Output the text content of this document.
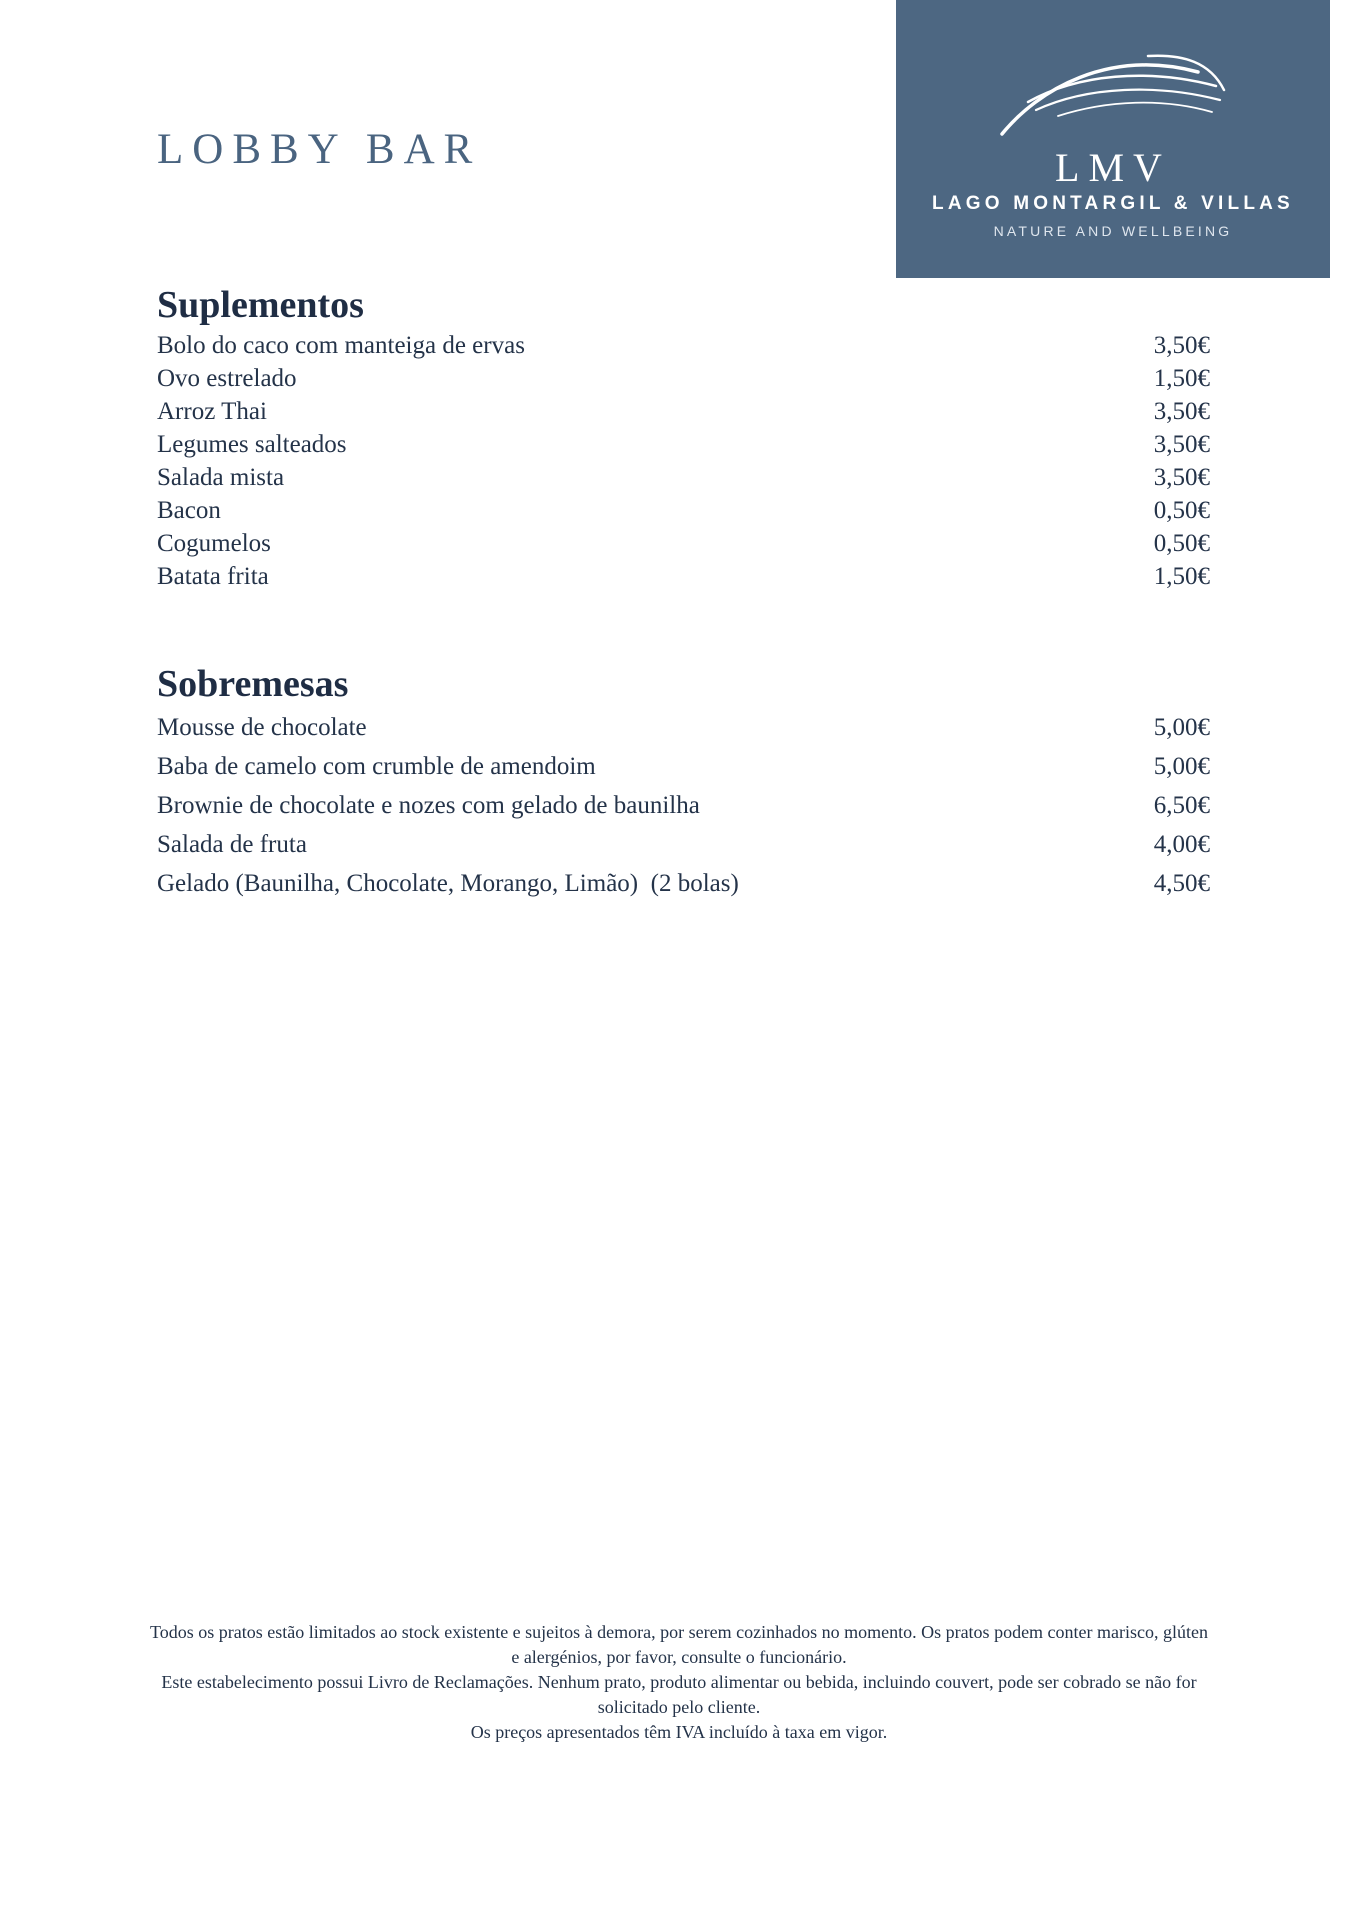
LOBBY BAR	LMV
LAGO MONTARGIL & VILLAS
NATURE AND WELLBEING
Suplementos
Bolo do caco com manteiga de ervas	3,50€
Ovo estrelado	1,50€
Arroz Thai	3,50€
Legumes salteados	3,50€
Salada mista	3,50€
Bacon	0,50€
Cogumelos	0,50€
Batata frita	1,50€
Sobremesas
Mousse de chocolate	5,00€
Baba de camelo com crumble de amendoim	5,00€
Brownie de chocolate e nozes com gelado de baunilha	6,50€
Salada de fruta	4,00€
Gelado (Baunilha, Chocolate, Morango, Limão)  (2 bolas)	4,50€

Todos os pratos estão limitados ao stock existente e sujeitos à demora, por serem cozinhados no momento. Os pratos podem conter marisco, glúten e alergénios, por favor, consulte o funcionário.

Este estabelecimento possui Livro de Reclamações. Nenhum prato, produto alimentar ou bebida, incluindo couvert, pode ser cobrado se não for solicitado pelo cliente.

Os preços apresentados têm IVA incluído à taxa em vigor.
